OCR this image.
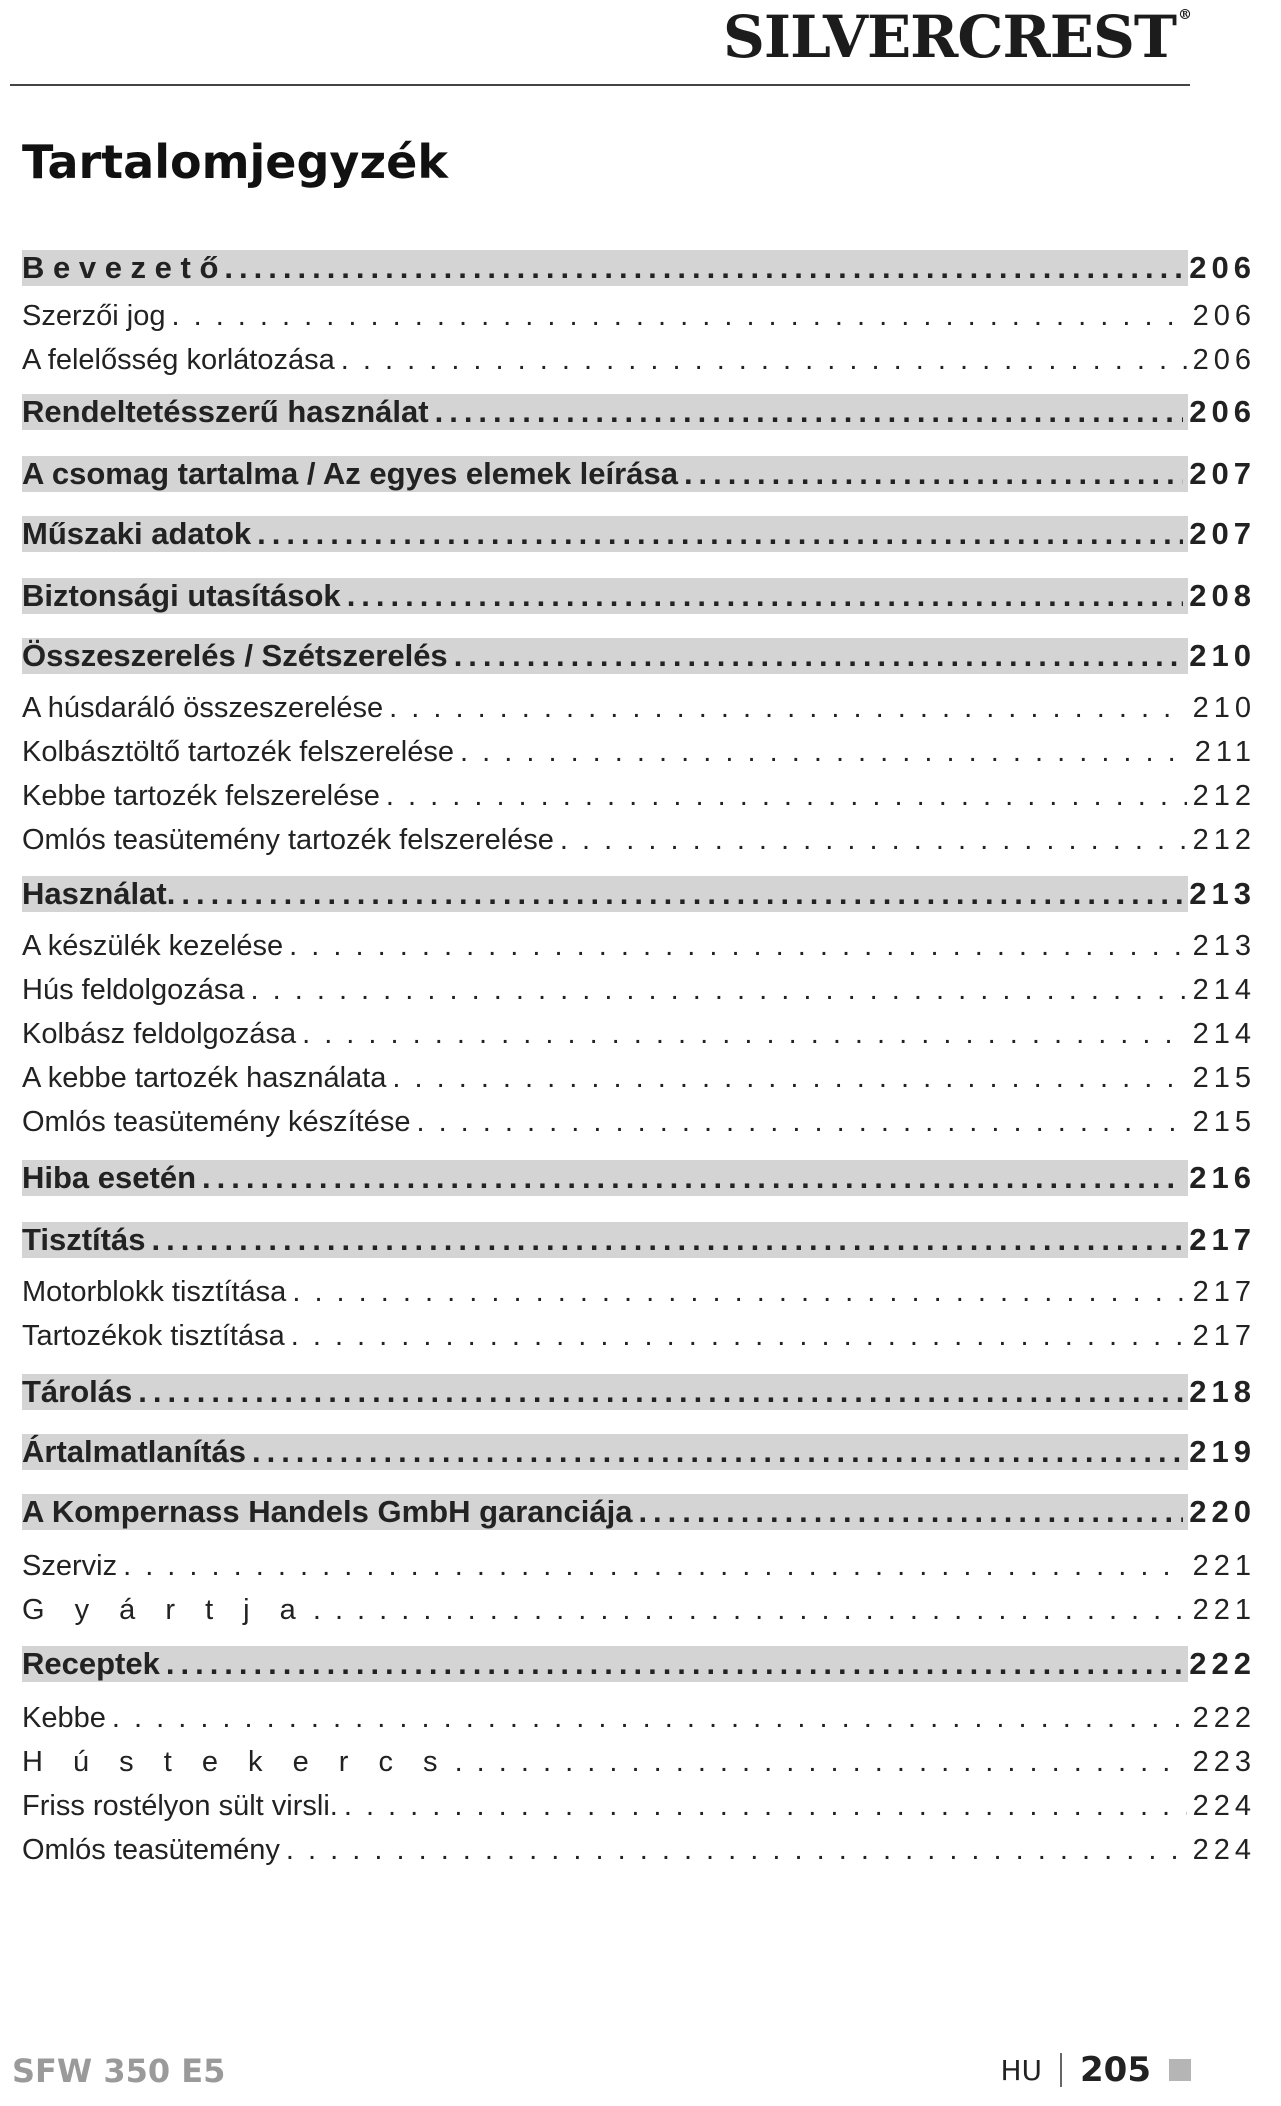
SILVERCREST ®
Tartalomjegyzék
B e v e z e t ő .....	206
Szerzői jog . . .	206
A felelősség korlátozása . . .	206
Rendeltetésszerű használat .....	206
A csomag tartalma / Az egyes elemek leírása .....	207
Műszaki adatok .....	207
Biztonsági utasítások .....	208
Összeszerelés / Szétszerelés .....	210
A húsdaráló összeszerelése . . .	210
Kolbásztöltő tartozék felszerelése . . .	211
Kebbe tartozék felszerelése . . .	212
Omlós teasütemény tartozék felszerelése . . .	212
Használat. .....	213
A készülék kezelése . . .	213
Hús feldolgozása . . .	214
Kolbász feldolgozása . . .	214
A kebbe tartozék használata . . .	215
Omlós teasütemény készítése . . .	215
Hiba esetén .....	216
Tisztítás .....	217
Motorblokk tisztítása . . .	217
Tartozékok tisztítása . . .	217
Tárolás .....	218
Ártalmatlanítás .....	219
A Kompernass Handels GmbH garanciája .....	220
Szerviz . . .	221
G y á r t j a . . .	221
Receptek .....	222
Kebbe . . .	222
H ú s t e k e r c s . . .	223
Friss rostélyon sült virsli. . . .	224
Omlós teasütemény . . .	224
SFW 350 E5	HU 205
